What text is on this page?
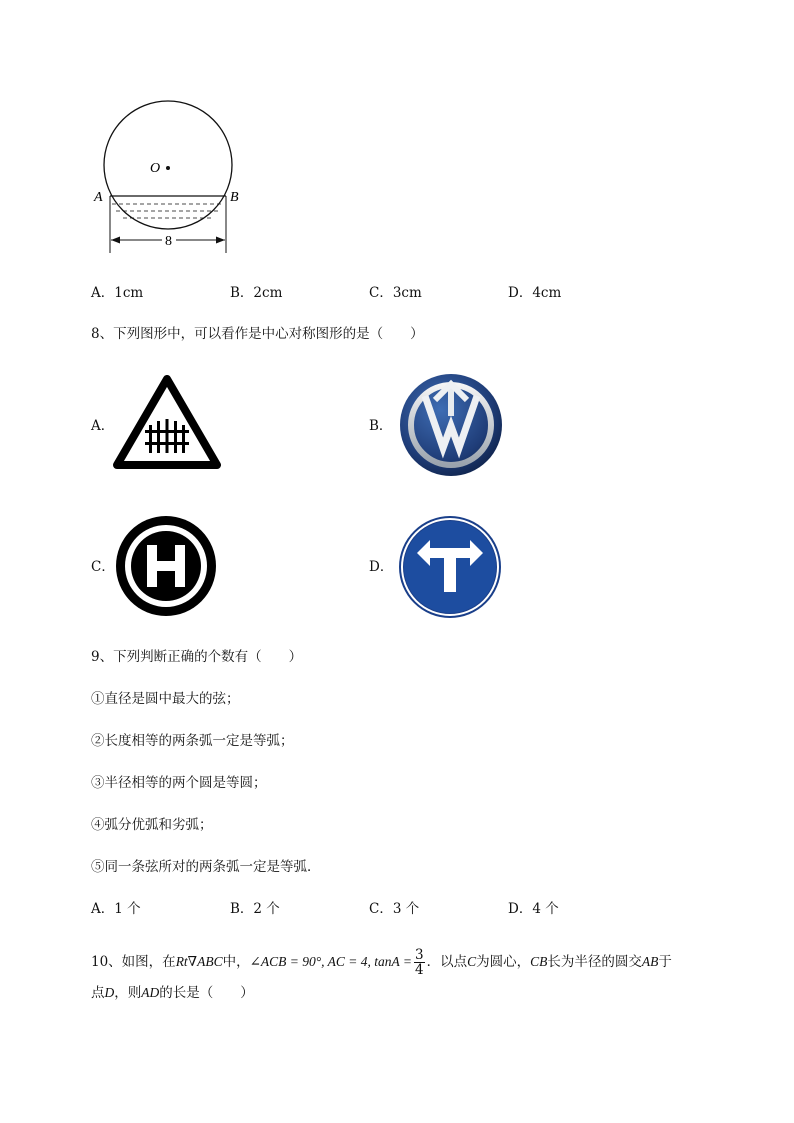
O
A	B
8
A．1cm	B．2cm	C．3cm	D．4cm
8、下列图形中，可以看作是中心对称图形的是（　　）
A．	B．
C．	D．
9、下列判断正确的个数有（　　）
①直径是圆中最大的弦；
②长度相等的两条弧一定是等弧；
③半径相等的两个圆是等圆；
④弧分优弧和劣弧；
⑤同一条弦所对的两条弧一定是等弧．
A．1 个	B．2 个	C．3 个	D．4 个
10、如图，在Rt∇ABC中，∠ACB = 90°, AC = 4, $\tan A = \frac{3}{4}$ ．以点C为圆心，CB长为半径的圆交AB于
点D，则AD的长是（　　）
